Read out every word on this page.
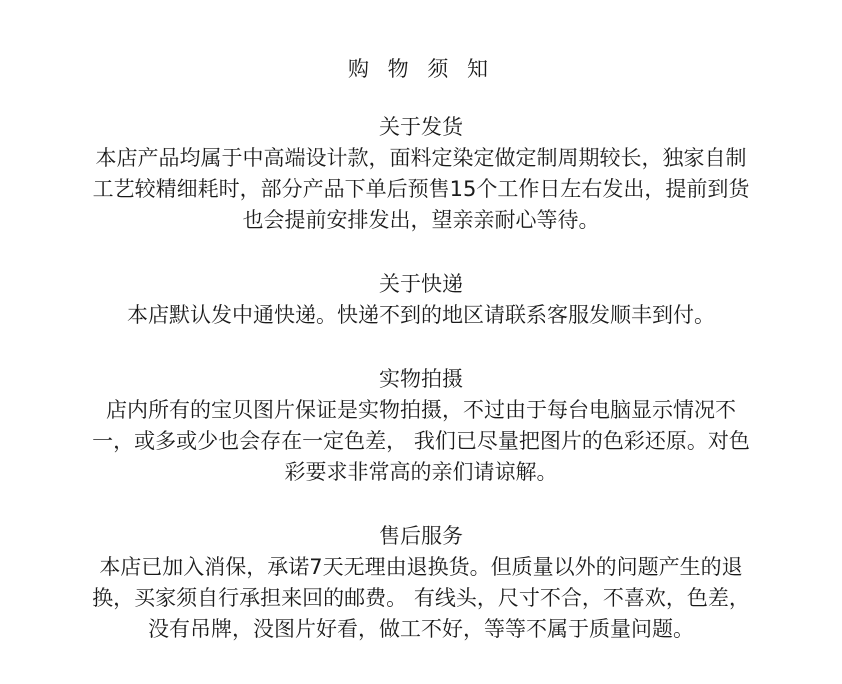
购 物 须 知
关于发货

本店产品均属于中高端设计款，面料定染定做定制周期较长，独家自制

工艺较精细耗时，部分产品下单后预售15个工作日左右发出，提前到货

也会提前安排发出，望亲亲耐心等待。

关于快递

本店默认发中通快递。快递不到的地区请联系客服发顺丰到付。

实物拍摄

店内所有的宝贝图片保证是实物拍摄，不过由于每台电脑显示情况不

一，或多或少也会存在一定色差， 我们已尽量把图片的色彩还原。对色

彩要求非常高的亲们请谅解。

售后服务

本店已加入消保，承诺7天无理由退换货。但质量以外的问题产生的退

换，买家须自行承担来回的邮费。 有线头，尺寸不合，不喜欢，色差，

没有吊牌，没图片好看，做工不好，等等不属于质量问题。
